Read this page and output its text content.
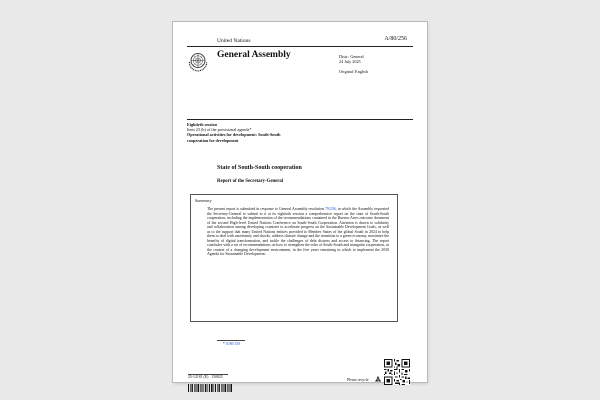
United Nations	A/80/256
General Assembly	Distr.: General
24 July 2025
Original: English
Eightieth session
Item 23 (b) of the provisional agenda*
Operational activities for development: South-South
cooperation for development
State of South-South cooperation
Report of the Secretary-General
Summary

The present report is submitted in response to General Assembly resolution 79/236, in which the Assembly requested the Secretary-General to submit to it at its eightieth session a comprehensive report on the state of South-South cooperation, including the implementation of the recommendations contained in the Buenos Aires outcome document of the second High-level United Nations Conference on South-South Cooperation. Attention is drawn to solidarity and collaboration among developing countries to accelerate progress on the Sustainable Development Goals, as well as to the support that many United Nations entities provided to Member States of the global South in 2024 to help them to deal with uncertainty and shocks, address climate change and the transition to a green economy, maximize the benefits of digital transformation, and tackle the challenges of debt distress and access to financing. The report concludes with a set of recommendations on how to strengthen the roles of South-South and triangular cooperation, in the context of a changing development environment, in the five years remaining in which to implement the 2030 Agenda for Sustainable Development.

* A/80/150
25-12181 (E) 150825
Please recycle
